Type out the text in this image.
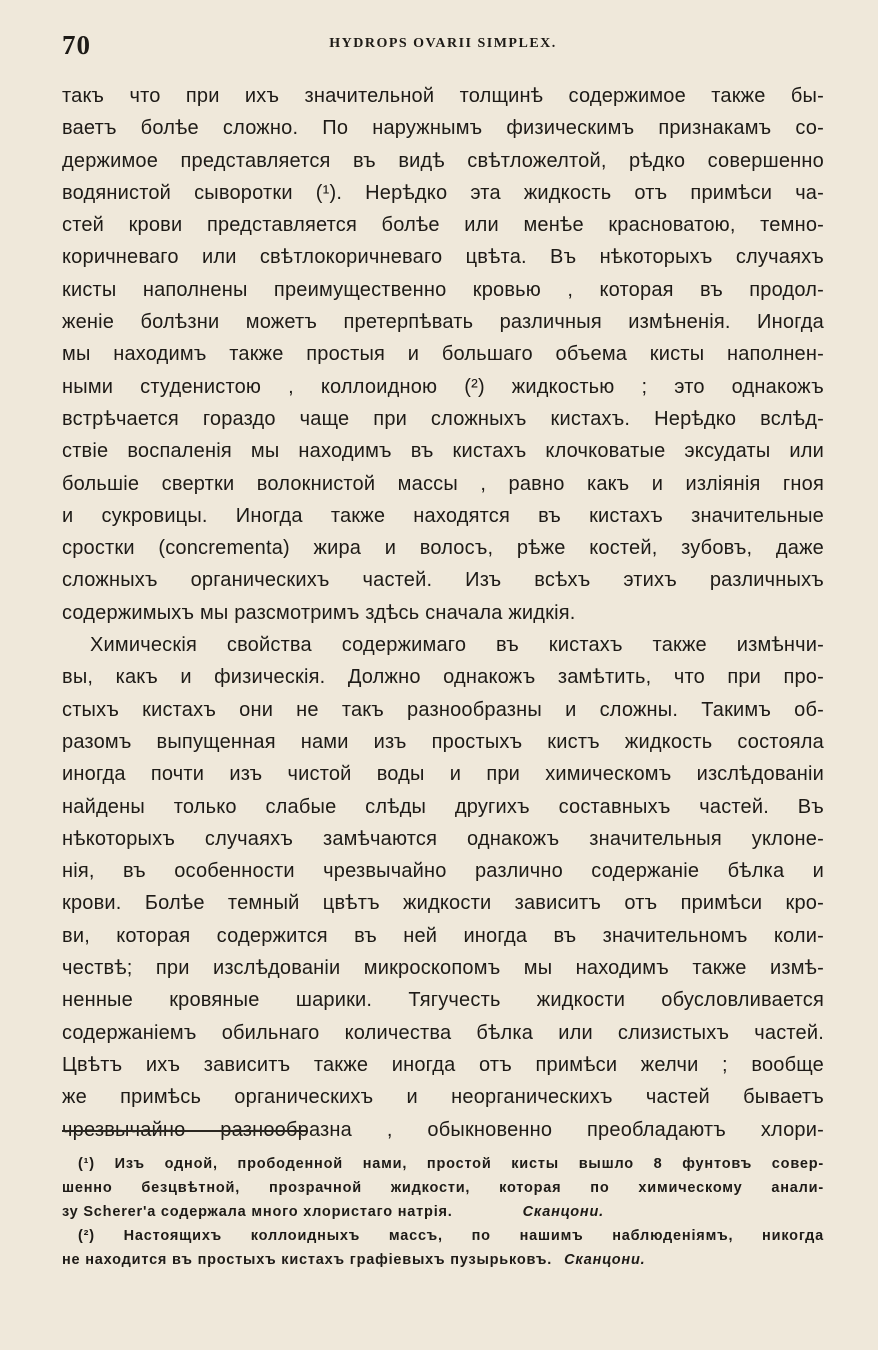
70	HYDROPS OVARII SIMPLEX.
такъ что при ихъ значительной толщинѣ содержимое также бы-
ваетъ болѣе сложно. По наружнымъ физическимъ признакамъ со-
держимое представляется въ видѣ свѣтложелтой, рѣдко совершенно
водянистой сыворотки (¹). Нерѣдко эта жидкость отъ примѣси ча-
стей крови представляется болѣе или менѣе красноватою, темно-
коричневаго или свѣтлокоричневаго цвѣта. Въ нѣкоторыхъ случаяхъ
кисты наполнены преимущественно кровью , которая въ продол-
женіе болѣзни можетъ претерпѣвать различныя измѣненія. Иногда
мы находимъ также простыя и большаго объема кисты наполнен-
ными студенистою , коллоидною (²) жидкостью ; это однакожъ
встрѣчается гораздо чаще при сложныхъ кистахъ. Нерѣдко вслѣд-
ствіе воспаленія мы находимъ въ кистахъ клочковатые эксудаты или
большіе свертки волокнистой массы , равно какъ и изліянія гноя
и сукровицы. Иногда также находятся въ кистахъ значительные
сростки (concrementa) жира и волосъ, рѣже костей, зубовъ, даже
сложныхъ органическихъ частей. Изъ всѣхъ этихъ различныхъ
содержимыхъ мы разсмотримъ здѣсь сначала жидкія.
Химическія свойства содержимаго въ кистахъ также измѣнчи-
вы, какъ и физическія. Должно однакожъ замѣтить, что при про-
стыхъ кистахъ они не такъ разнообразны и сложны. Такимъ об-
разомъ выпущенная нами изъ простыхъ кистъ жидкость состояла
иногда почти изъ чистой воды и при химическомъ изслѣдованіи
найдены только слабые слѣды другихъ составныхъ частей. Въ
нѣкоторыхъ случаяхъ замѣчаются однакожъ значительныя уклоне-
нія, въ особенности чрезвычайно различно содержаніе бѣлка и
крови. Болѣе темный цвѣтъ жидкости зависитъ отъ примѣси кро-
ви, которая содержится въ ней иногда въ значительномъ коли-
чествѣ; при изслѣдованіи микроскопомъ мы находимъ также измѣ-
ненные кровяные шарики. Тягучесть жидкости обусловливается
содержаніемъ обильнаго количества бѣлка или слизистыхъ частей.
Цвѣтъ ихъ зависитъ также иногда отъ примѣси желчи ; вообще
же примѣсь органическихъ и неорганическихъ частей бываетъ
чрезвычайно разнообразна , обыкновенно преобладаютъ хлори-
(¹) Изъ одной, прободенной нами, простой кисты вышло 8 фунтовъ совер-
шенно безцвѣтной, прозрачной жидкости, которая по химическому анали-
зу Scherer'а содержала много хлористаго натрія.	Сканцони.
(²) Настоящихъ коллоидныхъ массъ, по нашимъ наблюденіямъ, никогда
не находится въ простыхъ кистахъ графіевыхъ пузырьковъ. Сканцони.
